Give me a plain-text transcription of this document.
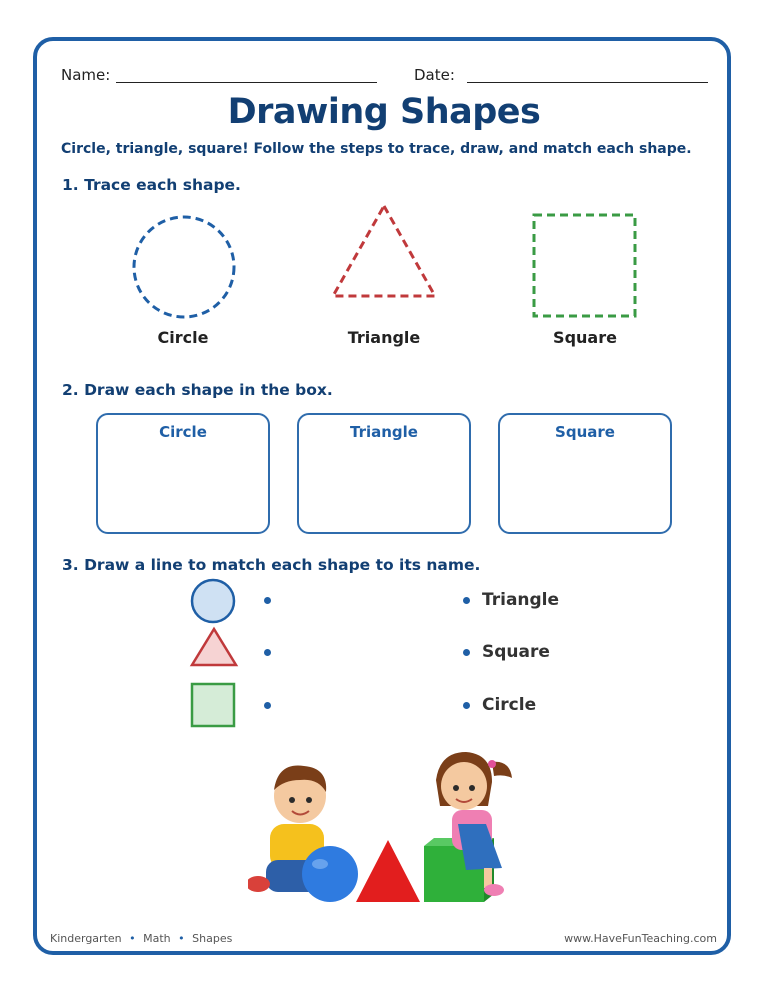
Name:	Date:
Drawing Shapes
Circle, triangle, square! Follow the steps to trace, draw, and match each shape.
1. Trace each shape.
Circle	Triangle	Square
2. Draw each shape in the box.
Circle	Triangle	Square
3. Draw a line to match each shape to its name.
Triangle
Square
Circle
Kindergarten • Math • Shapes	www.HaveFunTeaching.com
